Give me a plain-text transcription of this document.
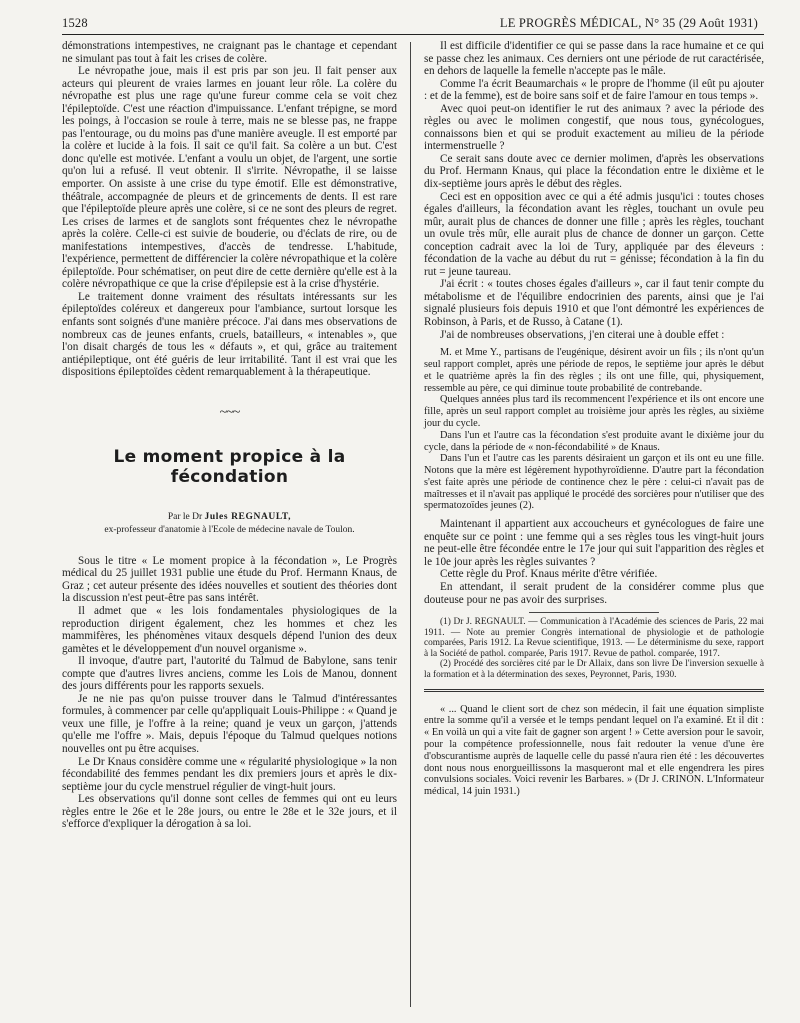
1528	LE PROGRÈS MÉDICAL, N° 35 (29 Août 1931)

démonstrations intempestives, ne craignant pas le chantage et cependant ne simulant pas tout à fait les crises de colère.

Le névropathe joue, mais il est pris par son jeu. Il fait penser aux acteurs qui pleurent de vraies larmes en jouant leur rôle. La colère du névropathe est plus une rage qu'une fureur comme cela se voit chez l'épileptoïde. C'est une réaction d'impuissance. L'enfant trépigne, se mord les poings, à l'occasion se roule à terre, mais ne se blesse pas, ne frappe pas l'entourage, ou du moins pas d'une manière aveugle. Il est emporté par la colère et lucide à la fois. Il sait ce qu'il fait. Sa colère a un but. C'est donc qu'elle est motivée. L'enfant a voulu un objet, de l'argent, une sortie qu'on lui a refusé. Il veut obtenir. Il s'irrite. Névropathe, il se laisse emporter. On assiste à une crise du type émotif. Elle est démonstrative, théâtrale, accompagnée de pleurs et de grincements de dents. Il est rare que l'épileptoïde pleure après une colère, si ce ne sont des pleurs de regret. Les crises de larmes et de sanglots sont fréquentes chez le névropathe après la colère. Celle-ci est suivie de bouderie, ou d'éclats de rire, ou de manifestations intempestives, d'accès de tendresse. L'habitude, l'expérience, permettent de différencier la colère névropathique et la colère épileptoïde. Pour schématiser, on peut dire de cette dernière qu'elle est à la colère névropathique ce que la crise d'épilepsie est à la crise d'hystérie.

Le traitement donne vraiment des résultats intéressants sur les épileptoïdes coléreux et dangereux pour l'ambiance, surtout lorsque les enfants sont soignés d'une manière précoce. J'ai dans mes observations de nombreux cas de jeunes enfants, cruels, batailleurs, « intenables », que l'on disait chargés de tous les « défauts », et qui, grâce au traitement antiépileptique, ont été guéris de leur irritabilité. Tant il est vrai que les dispositions épileptoïdes cèdent remarquablement à la thérapeutique.

~~~
Le moment propice à la fécondation
Par le Dr Jules REGNAULT,
ex-professeur d'anatomie à l'Ecole de médecine navale de Toulon.

Sous le titre « Le moment propice à la fécondation », Le Progrès médical du 25 juillet 1931 publie une étude du Prof. Hermann Knaus, de Graz ; cet auteur présente des idées nouvelles et soutient des théories dont la discussion n'est peut-être pas sans intérêt.

Il admet que « les lois fondamentales physiologiques de la reproduction dirigent également, chez les hommes et chez les mammifères, les phénomènes vitaux desquels dépend l'union des deux gamètes et le développement d'un nouvel organisme ».

Il invoque, d'autre part, l'autorité du Talmud de Babylone, sans tenir compte que d'autres livres anciens, comme les Lois de Manou, donnent des jours différents pour les rapports sexuels.

Je ne nie pas qu'on puisse trouver dans le Talmud d'intéressantes formules, à commencer par celle qu'appliquait Louis-Philippe : « Quand je veux une fille, je l'offre à la reine; quand je veux un garçon, j'attends qu'elle me l'offre ». Mais, depuis l'époque du Talmud quelques notions nouvelles ont pu être acquises.

Le Dr Knaus considère comme une « régularité physiologique » la non fécondabilité des femmes pendant les dix premiers jours et après le dix-septième jour du cycle menstruel régulier de vingt-huit jours.

Les observations qu'il donne sont celles de femmes qui ont eu leurs règles entre le 26e et le 28e jours, ou entre le 28e et le 32e jours, et il s'efforce d'expliquer la dérogation à sa loi.

Il est difficile d'identifier ce qui se passe dans la race humaine et ce qui se passe chez les animaux. Ces derniers ont une période de rut caractérisée, en dehors de laquelle la femelle n'accepte pas le mâle.

Comme l'a écrit Beaumarchais « le propre de l'homme (il eût pu ajouter : et de la femme), est de boire sans soif et de faire l'amour en tous temps ».

Avec quoi peut-on identifier le rut des animaux ? avec la période des règles ou avec le molimen congestif, que nous tous, gynécologues, connaissons bien et qui se produit exactement au milieu de la période intermenstruelle ?

Ce serait sans doute avec ce dernier molimen, d'après les observations du Prof. Hermann Knaus, qui place la fécondation entre le dixième et le dix-septième jours après le début des règles.

Ceci est en opposition avec ce qui a été admis jusqu'ici : toutes choses égales d'ailleurs, la fécondation avant les règles, touchant un ovule peu mûr, aurait plus de chances de donner une fille ; après les règles, touchant un ovule très mûr, elle aurait plus de chance de donner un garçon. Cette conception cadrait avec la loi de Tury, appliquée par des éleveurs : fécondation de la vache au début du rut = génisse; fécondation à la fin du rut = jeune taureau.

J'ai écrit : « toutes choses égales d'ailleurs », car il faut tenir compte du métabolisme et de l'équilibre endocrinien des parents, ainsi que je l'ai signalé plusieurs fois depuis 1910 et que l'ont démontré les expériences de Robinson, à Paris, et de Russo, à Catane (1).

J'ai de nombreuses observations, j'en citerai une à double effet :

M. et Mme Y., partisans de l'eugénique, désirent avoir un fils ; ils n'ont qu'un seul rapport complet, après une période de repos, le septième jour après le début et le quatrième après la fin des règles ; ils ont une fille, qui, physiquement, ressemble au père, ce qui diminue toute probabilité de contrebande.

Quelques années plus tard ils recommencent l'expérience et ils ont encore une fille, après un seul rapport complet au troisième jour après les règles, au sixième jour du cycle.

Dans l'un et l'autre cas la fécondation s'est produite avant le dixième jour du cycle, dans la période de « non-fécondabilité » de Knaus.

Dans l'un et l'autre cas les parents désiraient un garçon et ils ont eu une fille. Notons que la mère est légèrement hypothyroïdienne. D'autre part la fécondation s'est faite après une période de continence chez le père : celui-ci n'avait pas de maîtresses et il n'avait pas appliqué le procédé des sorcières pour n'utiliser que des spermatozoïdes jeunes (2).

Maintenant il appartient aux accoucheurs et gynécologues de faire une enquête sur ce point : une femme qui a ses règles tous les vingt-huit jours ne peut-elle être fécondée entre le 17e jour qui suit l'apparition des règles et le 10e jour après les règles suivantes ?

Cette règle du Prof. Knaus mérite d'être vérifiée.

En attendant, il serait prudent de la considérer comme plus que douteuse pour ne pas avoir des surprises.

(1) Dr J. REGNAULT. — Communication à l'Académie des sciences de Paris, 22 mai 1911. — Note au premier Congrès international de physiologie et de pathologie comparées, Paris 1912. La Revue scientifique, 1913. — Le déterminisme du sexe, rapport à la Société de pathol. comparée, Paris 1917. Revue de pathol. comparée, 1917.

(2) Procédé des sorcières cité par le Dr Allaix, dans son livre De l'inversion sexuelle à la formation et à la détermination des sexes, Peyronnet, Paris, 1930.

« ... Quand le client sort de chez son médecin, il fait une équation simpliste entre la somme qu'il a versée et le temps pendant lequel on l'a examiné. Et il dit : « En voilà un qui a vite fait de gagner son argent ! » Cette aversion pour le savoir, pour la compétence professionnelle, nous fait redouter la venue d'une ère d'obscurantisme auprès de laquelle celle du passé n'aura rien été : les découvertes dont nous nous enorgueillissons la masqueront mal et elle engendrera les pires convulsions sociales. Voici revenir les Barbares. » (Dr J. CRINON. L'Informateur médical, 14 juin 1931.)
